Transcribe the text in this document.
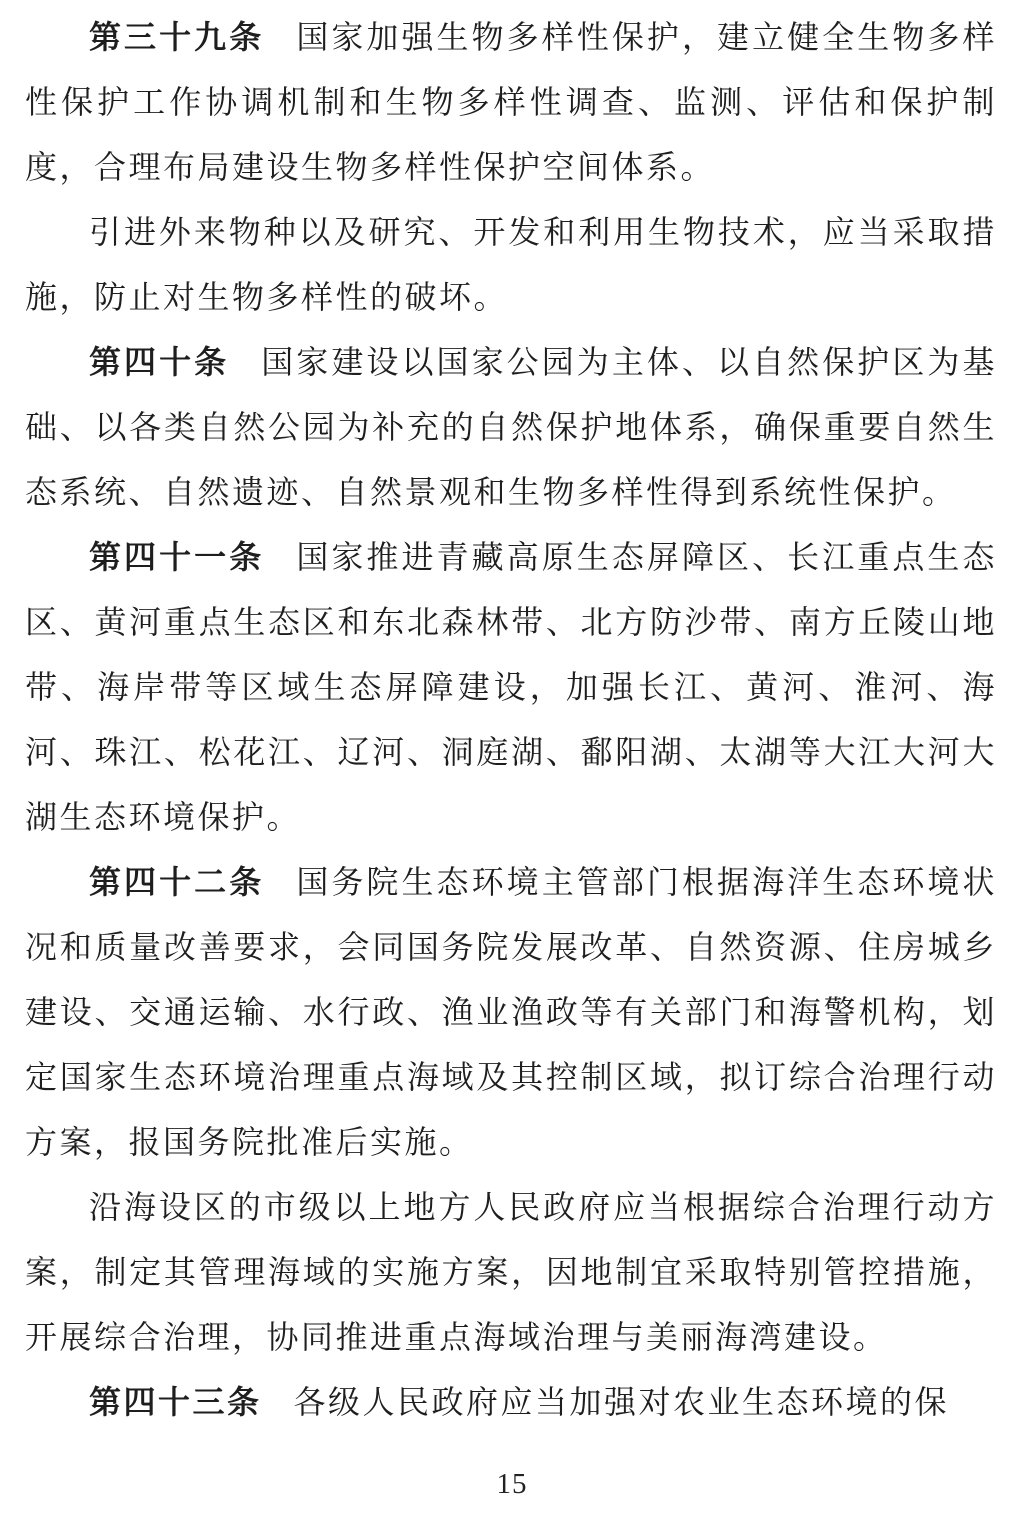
第三十九条 国家加强生物多样性保护，建立健全生物多样性保护工作协调机制和生物多样性调查、监测、评估和保护制度，合理布局建设生物多样性保护空间体系。

引进外来物种以及研究、开发和利用生物技术，应当采取措施，防止对生物多样性的破坏。

第四十条 国家建设以国家公园为主体、以自然保护区为基础、以各类自然公园为补充的自然保护地体系，确保重要自然生态系统、自然遗迹、自然景观和生物多样性得到系统性保护。

第四十一条 国家推进青藏高原生态屏障区、长江重点生态区、黄河重点生态区和东北森林带、北方防沙带、南方丘陵山地带、海岸带等区域生态屏障建设，加强长江、黄河、淮河、海河、珠江、松花江、辽河、洞庭湖、鄱阳湖、太湖等大江大河大湖生态环境保护。

第四十二条 国务院生态环境主管部门根据海洋生态环境状况和质量改善要求，会同国务院发展改革、自然资源、住房城乡建设、交通运输、水行政、渔业渔政等有关部门和海警机构，划定国家生态环境治理重点海域及其控制区域，拟订综合治理行动方案，报国务院批准后实施。

沿海设区的市级以上地方人民政府应当根据综合治理行动方案，制定其管理海域的实施方案，因地制宜采取特别管控措施，开展综合治理，协同推进重点海域治理与美丽海湾建设。

第四十三条 各级人民政府应当加强对农业生态环境的保

15
